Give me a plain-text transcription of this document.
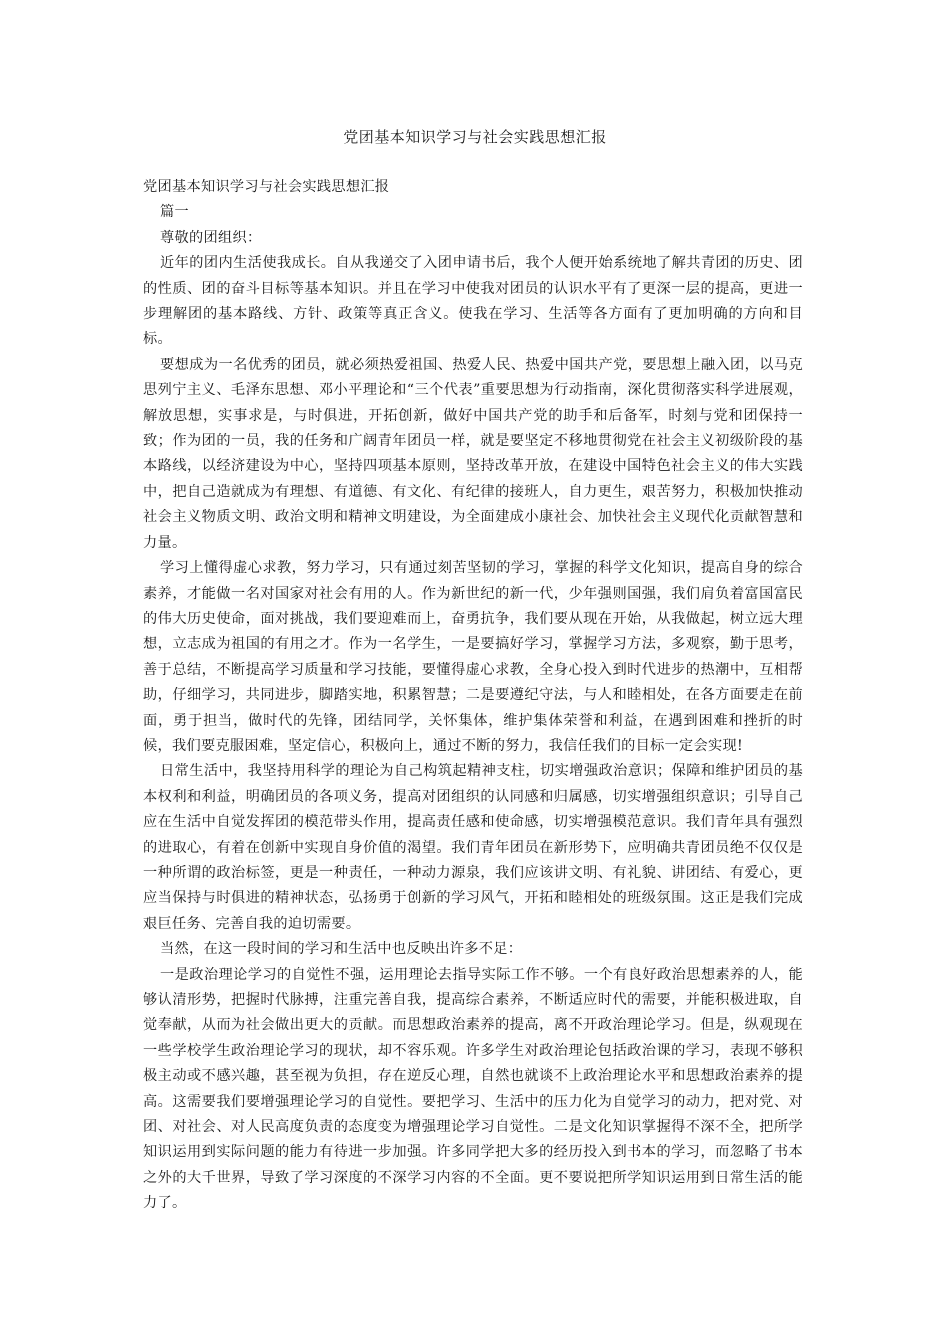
党团基本知识学习与社会实践思想汇报

党团基本知识学习与社会实践思想汇报

篇一

尊敬的团组织：

近年的团内生活使我成长。自从我递交了入团申请书后，我个人便开始系统地了解共青团的历史、团的性质、团的奋斗目标等基本知识。并且在学习中使我对团员的认识水平有了更深一层的提高，更进一步理解团的基本路线、方针、政策等真正含义。使我在学习、生活等各方面有了更加明确的方向和目标。

要想成为一名优秀的团员，就必须热爱祖国、热爱人民、热爱中国共产党，要思想上融入团，以马克思列宁主义、毛泽东思想、邓小平理论和“三个代表”重要思想为行动指南，深化贯彻落实科学进展观，解放思想，实事求是，与时俱进，开拓创新，做好中国共产党的助手和后备军，时刻与党和团保持一致；作为团的一员，我的任务和广阔青年团员一样，就是要坚定不移地贯彻党在社会主义初级阶段的基本路线，以经济建设为中心，坚持四项基本原则，坚持改革开放，在建设中国特色社会主义的伟大实践中，把自己造就成为有理想、有道德、有文化、有纪律的接班人，自力更生，艰苦努力，积极加快推动社会主义物质文明、政治文明和精神文明建设，为全面建成小康社会、加快社会主义现代化贡献智慧和力量。

学习上懂得虚心求教，努力学习，只有通过刻苦坚韧的学习，掌握的科学文化知识，提高自身的综合素养，才能做一名对国家对社会有用的人。作为新世纪的新一代，少年强则国强，我们肩负着富国富民的伟大历史使命，面对挑战，我们要迎难而上，奋勇抗争，我们要从现在开始，从我做起，树立远大理想，立志成为祖国的有用之才。作为一名学生，一是要搞好学习，掌握学习方法，多观察，勤于思考，善于总结，不断提高学习质量和学习技能，要懂得虚心求教，全身心投入到时代进步的热潮中，互相帮助，仔细学习，共同进步，脚踏实地，积累智慧；二是要遵纪守法，与人和睦相处，在各方面要走在前面，勇于担当，做时代的先锋，团结同学，关怀集体，维护集体荣誉和利益，在遇到困难和挫折的时候，我们要克服困难，坚定信心，积极向上，通过不断的努力，我信任我们的目标一定会实现!

日常生活中，我坚持用科学的理论为自己构筑起精神支柱，切实增强政治意识；保障和维护团员的基本权利和利益，明确团员的各项义务，提高对团组织的认同感和归属感，切实增强组织意识；引导自己应在生活中自觉发挥团的模范带头作用，提高责任感和使命感，切实增强模范意识。我们青年具有强烈的进取心，有着在创新中实现自身价值的渴望。我们青年团员在新形势下，应明确共青团员绝不仅仅是一种所谓的政治标签，更是一种责任，一种动力源泉，我们应该讲文明、有礼貌、讲团结、有爱心，更应当保持与时俱进的精神状态，弘扬勇于创新的学习风气，开拓和睦相处的班级氛围。这正是我们完成艰巨任务、完善自我的迫切需要。

当然，在这一段时间的学习和生活中也反映出许多不足：

一是政治理论学习的自觉性不强，运用理论去指导实际工作不够。一个有良好政治思想素养的人，能够认清形势，把握时代脉搏，注重完善自我，提高综合素养，不断适应时代的需要，并能积极进取，自觉奉献，从而为社会做出更大的贡献。而思想政治素养的提高，离不开政治理论学习。但是，纵观现在一些学校学生政治理论学习的现状，却不容乐观。许多学生对政治理论包括政治课的学习，表现不够积极主动或不感兴趣，甚至视为负担，存在逆反心理，自然也就谈不上政治理论水平和思想政治素养的提高。这需要我们要增强理论学习的自觉性。要把学习、生活中的压力化为自觉学习的动力，把对党、对团、对社会、对人民高度负责的态度变为增强理论学习自觉性。二是文化知识掌握得不深不全，把所学知识运用到实际问题的能力有待进一步加强。许多同学把大多的经历投入到书本的学习，而忽略了书本之外的大千世界，导致了学习深度的不深学习内容的不全面。更不要说把所学知识运用到日常生活的能力了。
